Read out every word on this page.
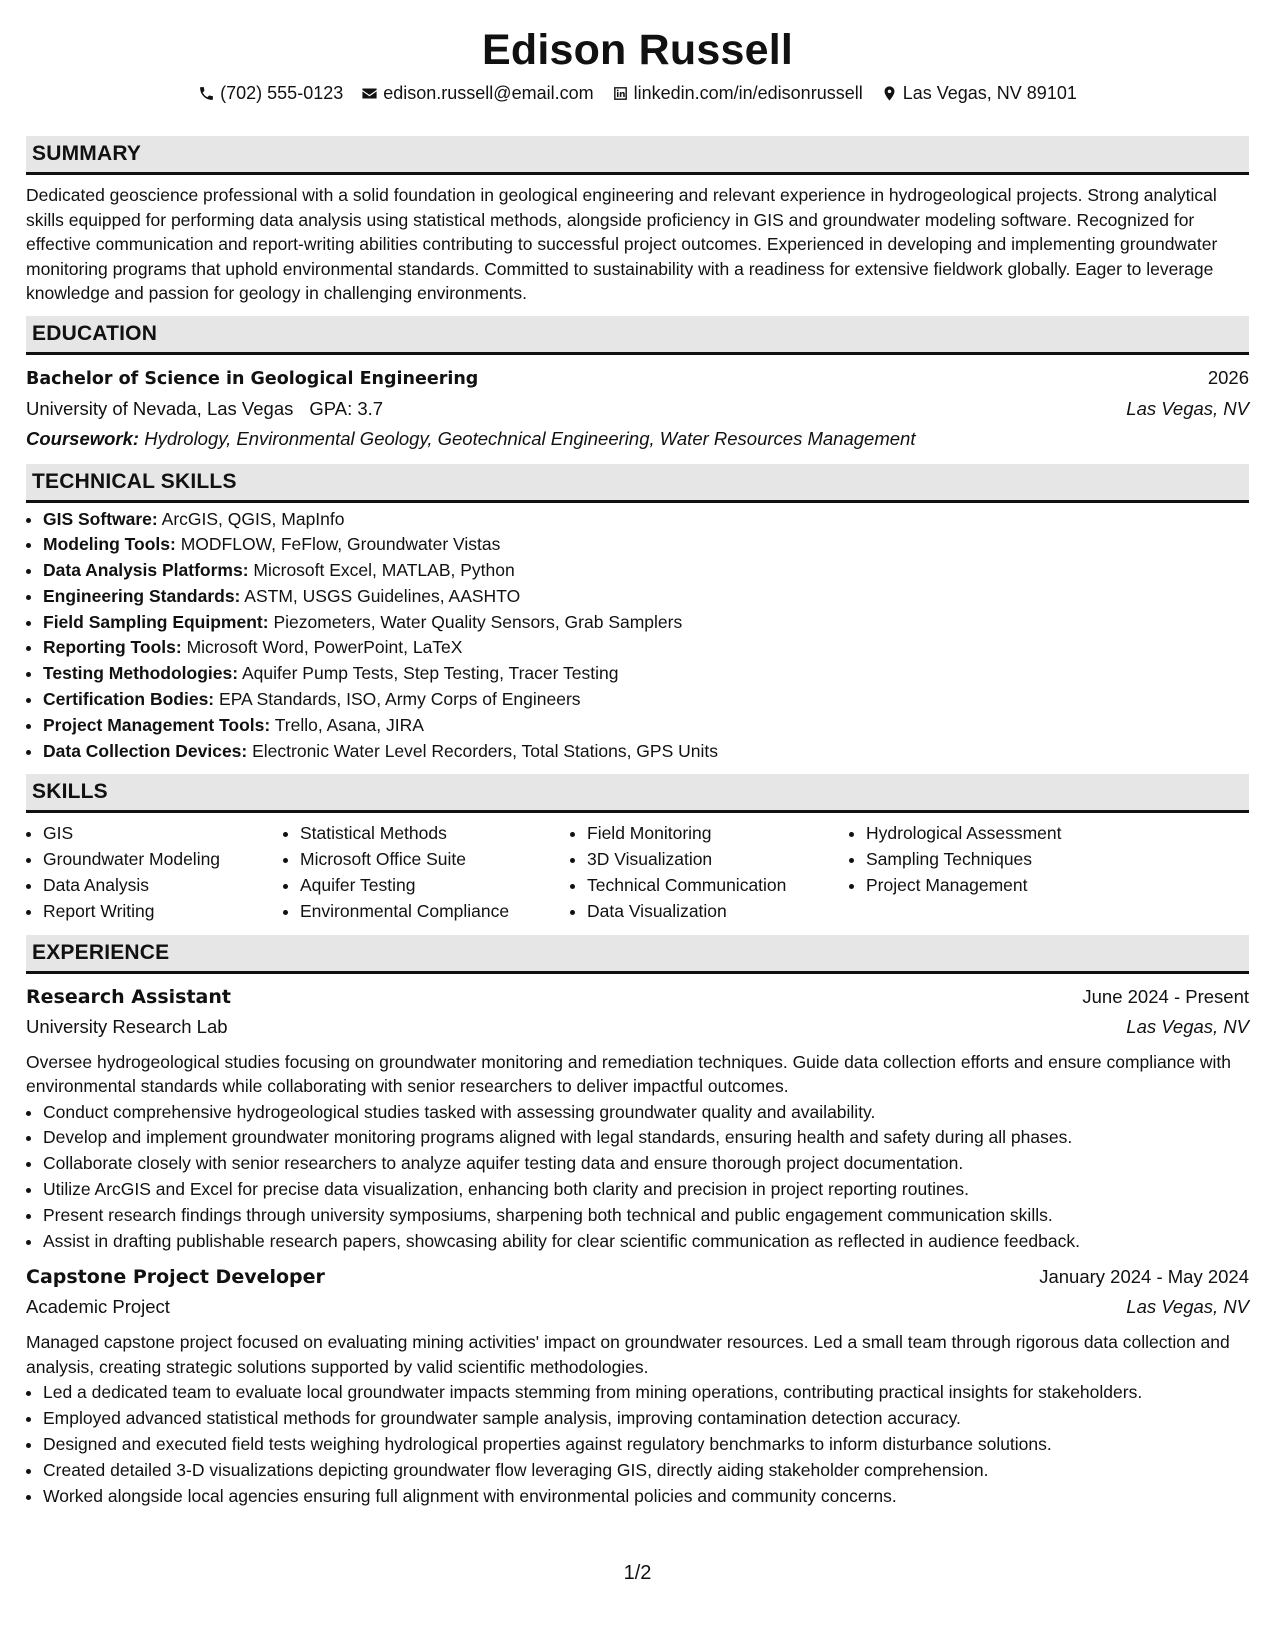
Edison Russell
(702) 555-0123 edison.russell@email.com linkedin.com/in/edisonrussell Las Vegas, NV 89101
SUMMARY

Dedicated geoscience professional with a solid foundation in geological engineering and relevant experience in hydrogeological projects. Strong analytical skills equipped for performing data analysis using statistical methods, alongside proficiency in GIS and groundwater modeling software. Recognized for effective communication and report-writing abilities contributing to successful project outcomes. Experienced in developing and implementing groundwater monitoring programs that uphold environmental standards. Committed to sustainability with a readiness for extensive fieldwork globally. Eager to leverage knowledge and passion for geology in challenging environments.

EDUCATION
Bachelor of Science in Geological Engineering	2026
University of Nevada, Las Vegas GPA: 3.7	Las Vegas, NV
Coursework: Hydrology, Environmental Geology, Geotechnical Engineering, Water Resources Management
TECHNICAL SKILLS
• GIS Software: ArcGIS, QGIS, MapInfo
• Modeling Tools: MODFLOW, FeFlow, Groundwater Vistas
• Data Analysis Platforms: Microsoft Excel, MATLAB, Python
• Engineering Standards: ASTM, USGS Guidelines, AASHTO
• Field Sampling Equipment: Piezometers, Water Quality Sensors, Grab Samplers
• Reporting Tools: Microsoft Word, PowerPoint, LaTeX
• Testing Methodologies: Aquifer Pump Tests, Step Testing, Tracer Testing
• Certification Bodies: EPA Standards, ISO, Army Corps of Engineers
• Project Management Tools: Trello, Asana, JIRA
• Data Collection Devices: Electronic Water Level Recorders, Total Stations, GPS Units
SKILLS
• GIS
• Groundwater Modeling
• Data Analysis
• Report Writing
• Statistical Methods
• Microsoft Office Suite
• Aquifer Testing
• Environmental Compliance
• Field Monitoring
• 3D Visualization
• Technical Communication
• Data Visualization
• Hydrological Assessment
• Sampling Techniques
• Project Management
EXPERIENCE
Research Assistant	June 2024 - Present
University Research Lab	Las Vegas, NV

Oversee hydrogeological studies focusing on groundwater monitoring and remediation techniques. Guide data collection efforts and ensure compliance with environmental standards while collaborating with senior researchers to deliver impactful outcomes.

• Conduct comprehensive hydrogeological studies tasked with assessing groundwater quality and availability.
• Develop and implement groundwater monitoring programs aligned with legal standards, ensuring health and safety during all phases.
• Collaborate closely with senior researchers to analyze aquifer testing data and ensure thorough project documentation.
• Utilize ArcGIS and Excel for precise data visualization, enhancing both clarity and precision in project reporting routines.
• Present research findings through university symposiums, sharpening both technical and public engagement communication skills.
• Assist in drafting publishable research papers, showcasing ability for clear scientific communication as reflected in audience feedback.
Capstone Project Developer	January 2024 - May 2024
Academic Project	Las Vegas, NV

Managed capstone project focused on evaluating mining activities' impact on groundwater resources. Led a small team through rigorous data collection and analysis, creating strategic solutions supported by valid scientific methodologies.

• Led a dedicated team to evaluate local groundwater impacts stemming from mining operations, contributing practical insights for stakeholders.
• Employed advanced statistical methods for groundwater sample analysis, improving contamination detection accuracy.
• Designed and executed field tests weighing hydrological properties against regulatory benchmarks to inform disturbance solutions.
• Created detailed 3-D visualizations depicting groundwater flow leveraging GIS, directly aiding stakeholder comprehension.
• Worked alongside local agencies ensuring full alignment with environmental policies and community concerns.
1/2
